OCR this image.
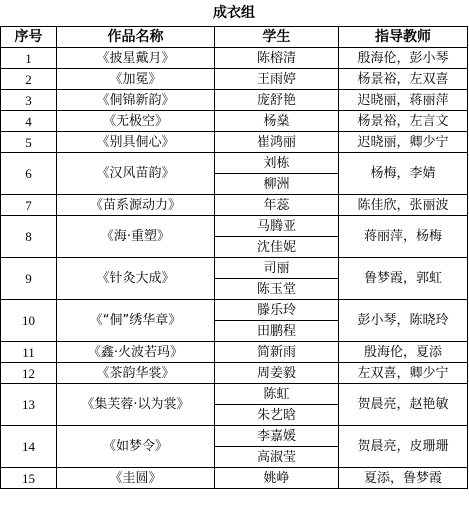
成衣组			
序号	作品名称	学生	指导教师
1	《披星戴月》	陈榕清	殷海伦，彭小琴
2	《加冕》	王雨婷	杨景裕，左双喜
3	《侗锦新韵》	庞舒艳	迟晓丽，蒋丽萍
4	《无极空》	杨燊	杨景裕，左言文
5	《别具侗心》	崔鸿丽	迟晓丽，卿少宁
6	《汉风苗韵》	刘栋	杨梅，李婧
		柳洲	
7	《苗系源动力》	年蕊	陈佳欣，张丽波
8	《海·重塑》	马腾亚	蒋丽萍，杨梅
		沈佳妮	
9	《针灸大成》	司丽	鲁梦霞，郭虹
		陈玉堂	
10	《“侗”绣华章》	滕乐玲	彭小琴，陈晓玲
		田鹏程	
11	《鑫·火波若玛》	简新雨	殷海伦，夏添
12	《茶韵华裳》	周姜毅	左双喜，卿少宁
13	《集芙蓉·以为裳》	陈虹	贺晨亮，赵艳敏
		朱艺晗	
14	《如梦令》	李嘉媛	贺晨亮，皮珊珊
		高淑莹	
15	《圭圆》	姚峥	夏添，鲁梦霞
